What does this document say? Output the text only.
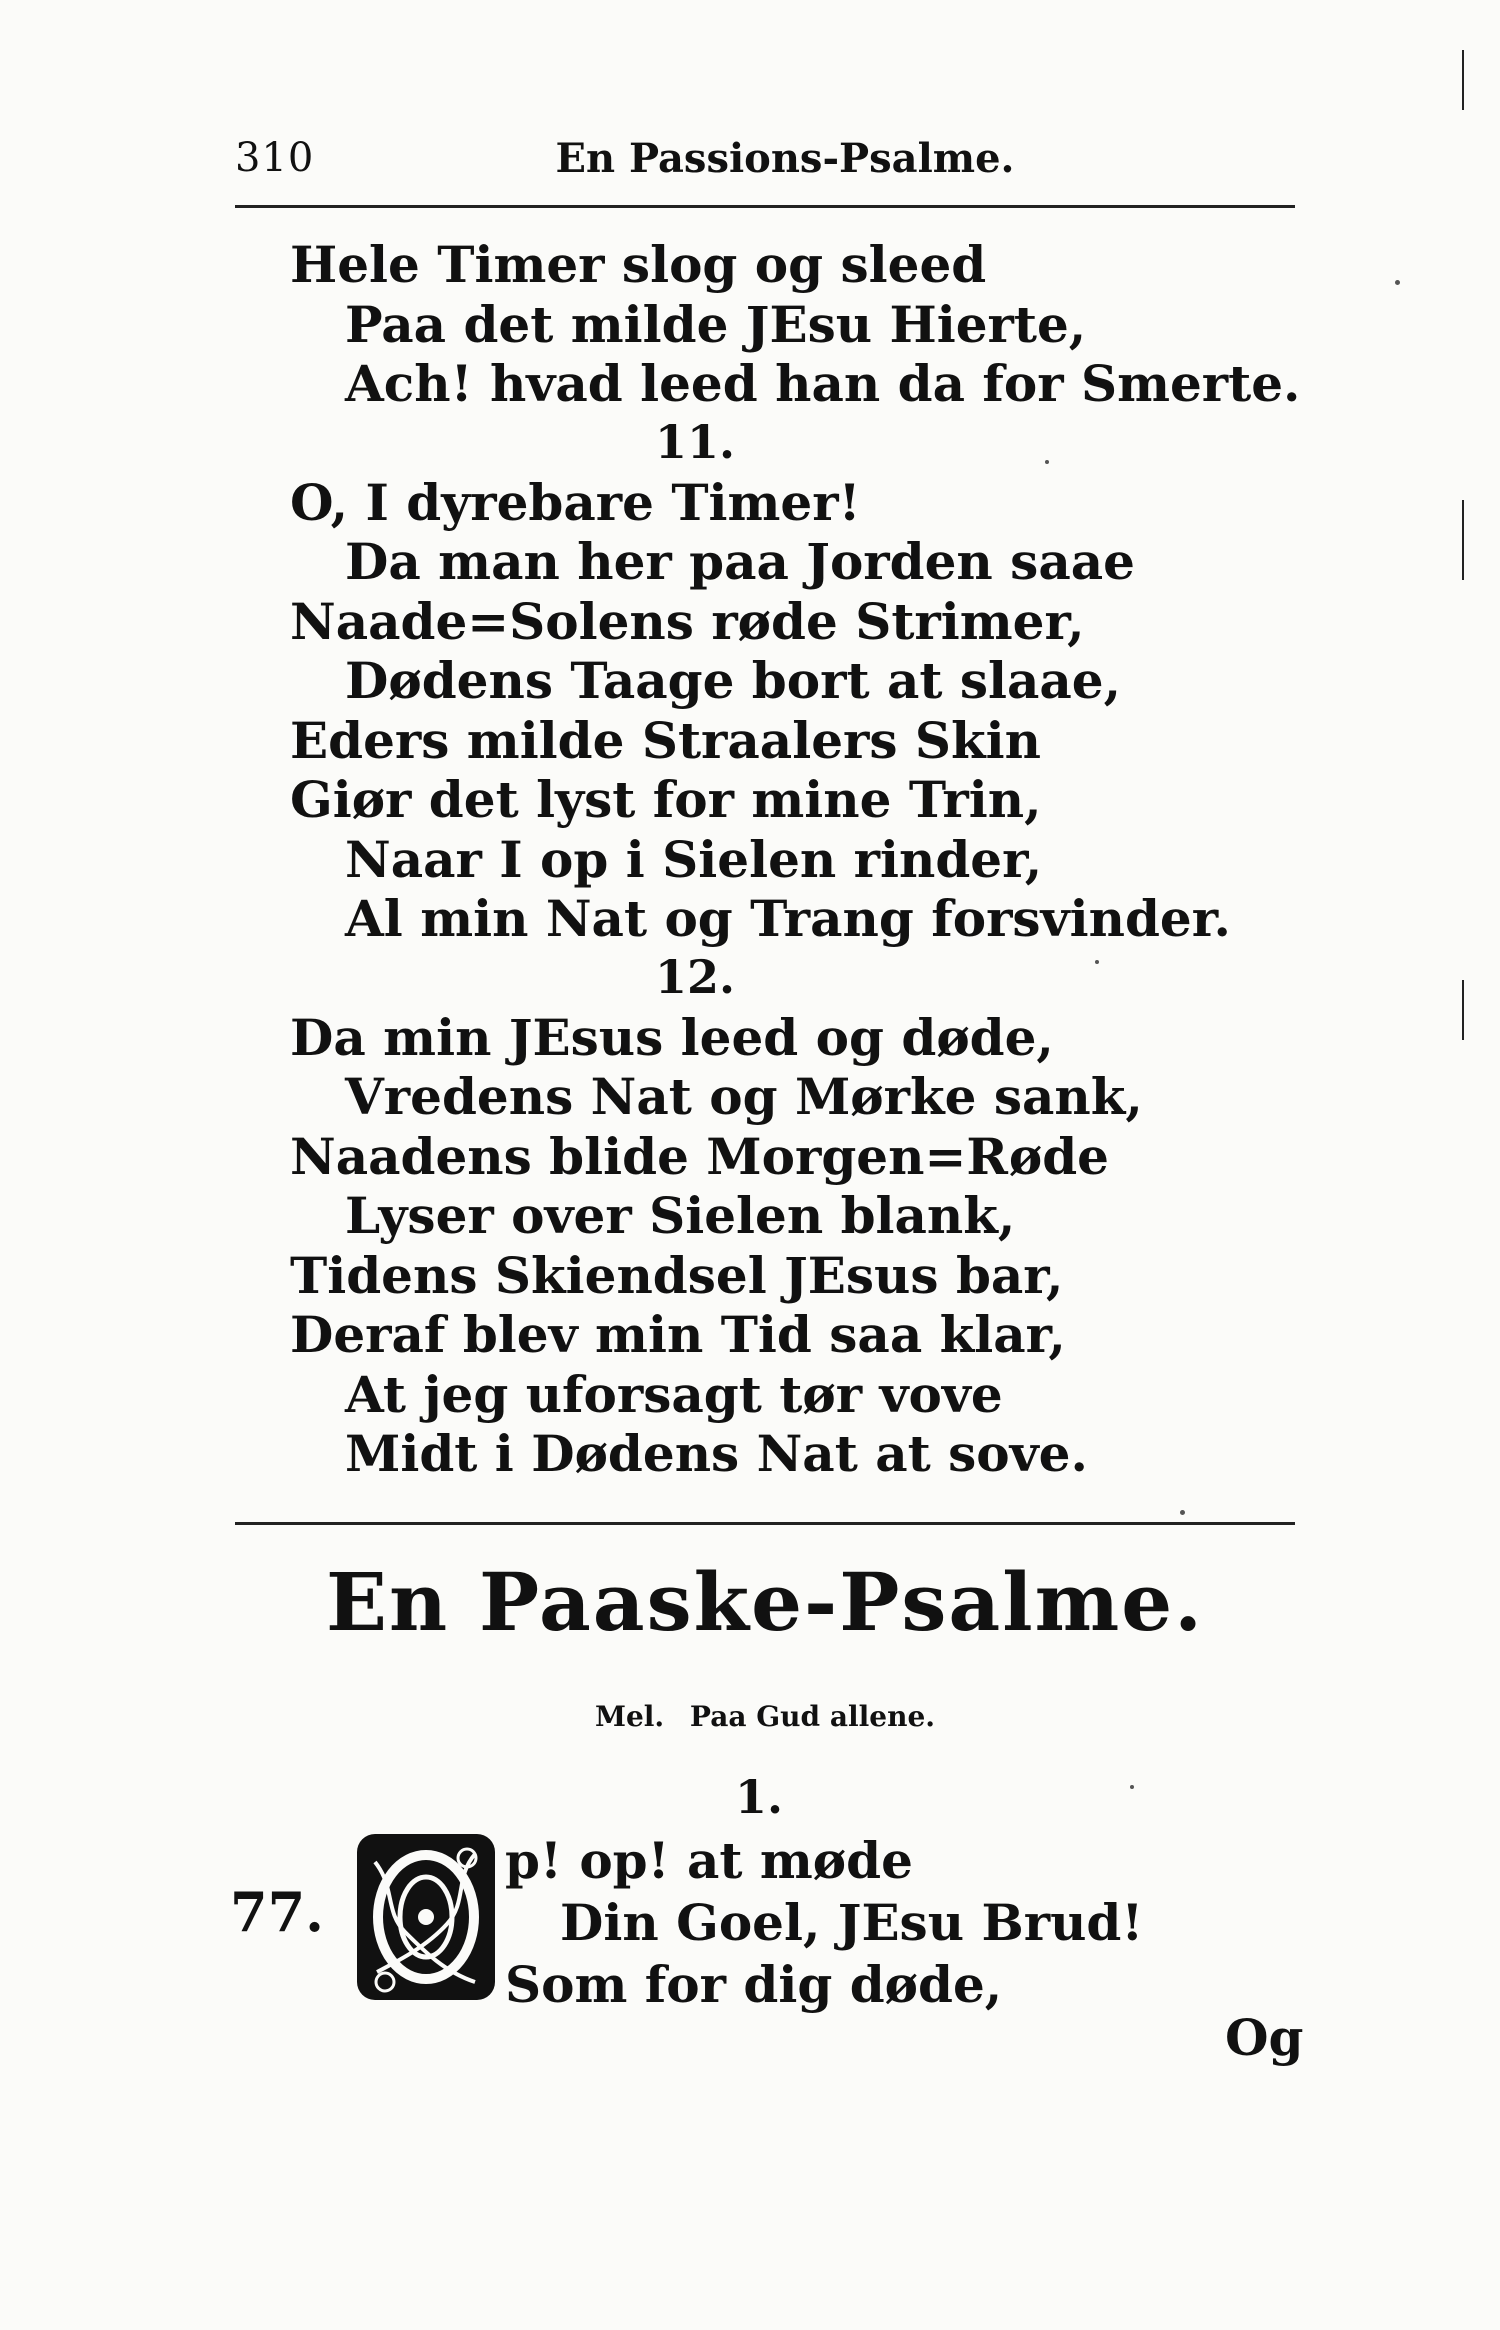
310	En Passions-Psalme.
Hele Timer slog og sleed
Paa det milde JEsu Hierte,
Ach! hvad leed han da for Smerte.
11.
O, I dyrebare Timer!
Da man her paa Jorden saae
Naade=Solens røde Strimer,
Dødens Taage bort at slaae,
Eders milde Straalers Skin
Giør det lyst for mine Trin,
Naar I op i Sielen rinder,
Al min Nat og Trang forsvinder.
12.
Da min JEsus leed og døde,
Vredens Nat og Mørke sank,
Naadens blide Morgen=Røde
Lyser over Sielen blank,
Tidens Skiendsel JEsus bar,
Deraf blev min Tid saa klar,
At jeg uforsagt tør vove
Midt i Dødens Nat at sove.
En Paaske-Psalme.
Mel. Paa Gud allene.
1.
77.
p! op! at møde
Din Goel, JEsu Brud!
Som for dig døde,
Og
